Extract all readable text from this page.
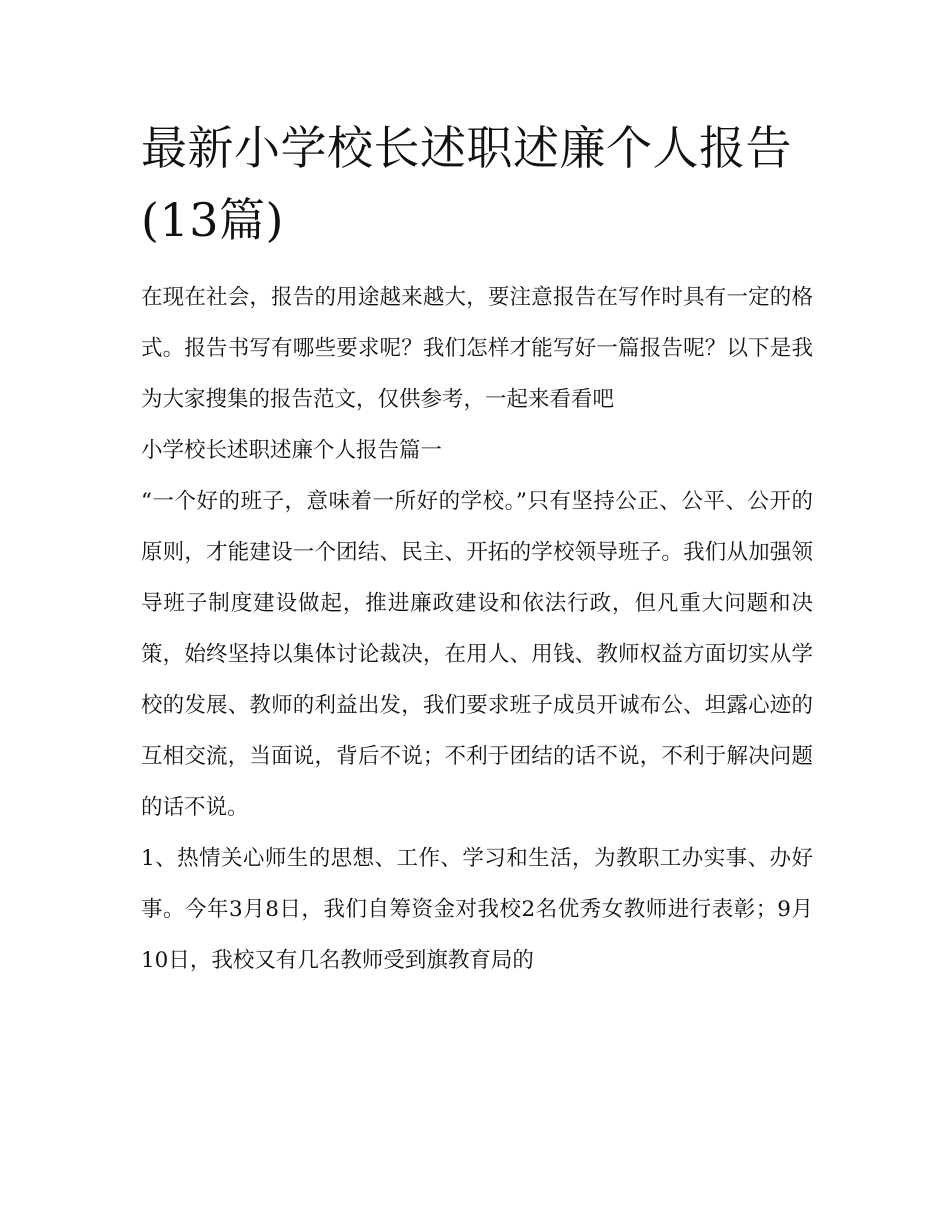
最新小学校长述职述廉个人报告(13篇)

在现在社会，报告的用途越来越大，要注意报告在写作时具有一定的格式。报告书写有哪些要求呢？我们怎样才能写好一篇报告呢？以下是我为大家搜集的报告范文，仅供参考，一起来看看吧

小学校长述职述廉个人报告篇一

“一个好的班子，意味着一所好的学校。”只有坚持公正、公平、公开的原则，才能建设一个团结、民主、开拓的学校领导班子。我们从加强领导班子制度建设做起，推进廉政建设和依法行政，但凡重大问题和决策，始终坚持以集体讨论裁决，在用人、用钱、教师权益方面切实从学校的发展、教师的利益出发，我们要求班子成员开诚布公、坦露心迹的互相交流，当面说，背后不说；不利于团结的话不说，不利于解决问题的话不说。

1、热情关心师生的思想、工作、学习和生活，为教职工办实事、办好事。今年3月8日，我们自筹资金对我校2名优秀女教师进行表彰；9月10日，我校又有几名教师受到旗教育局的
